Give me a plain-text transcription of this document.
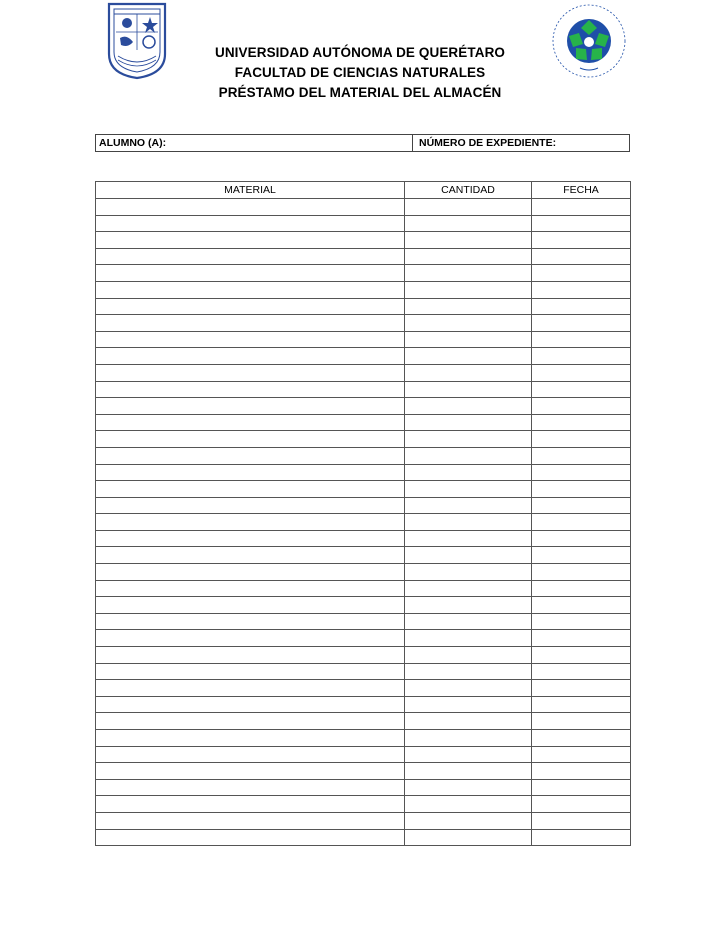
UNIVERSIDAD AUTÓNOMA DE QUERÉTARO
FACULTAD DE CIENCIAS NATURALES
PRÉSTAMO DEL MATERIAL DEL ALMACÉN
ALUMNO (A):	NÚMERO DE EXPEDIENTE:
MATERIAL	CANTIDAD	FECHA
